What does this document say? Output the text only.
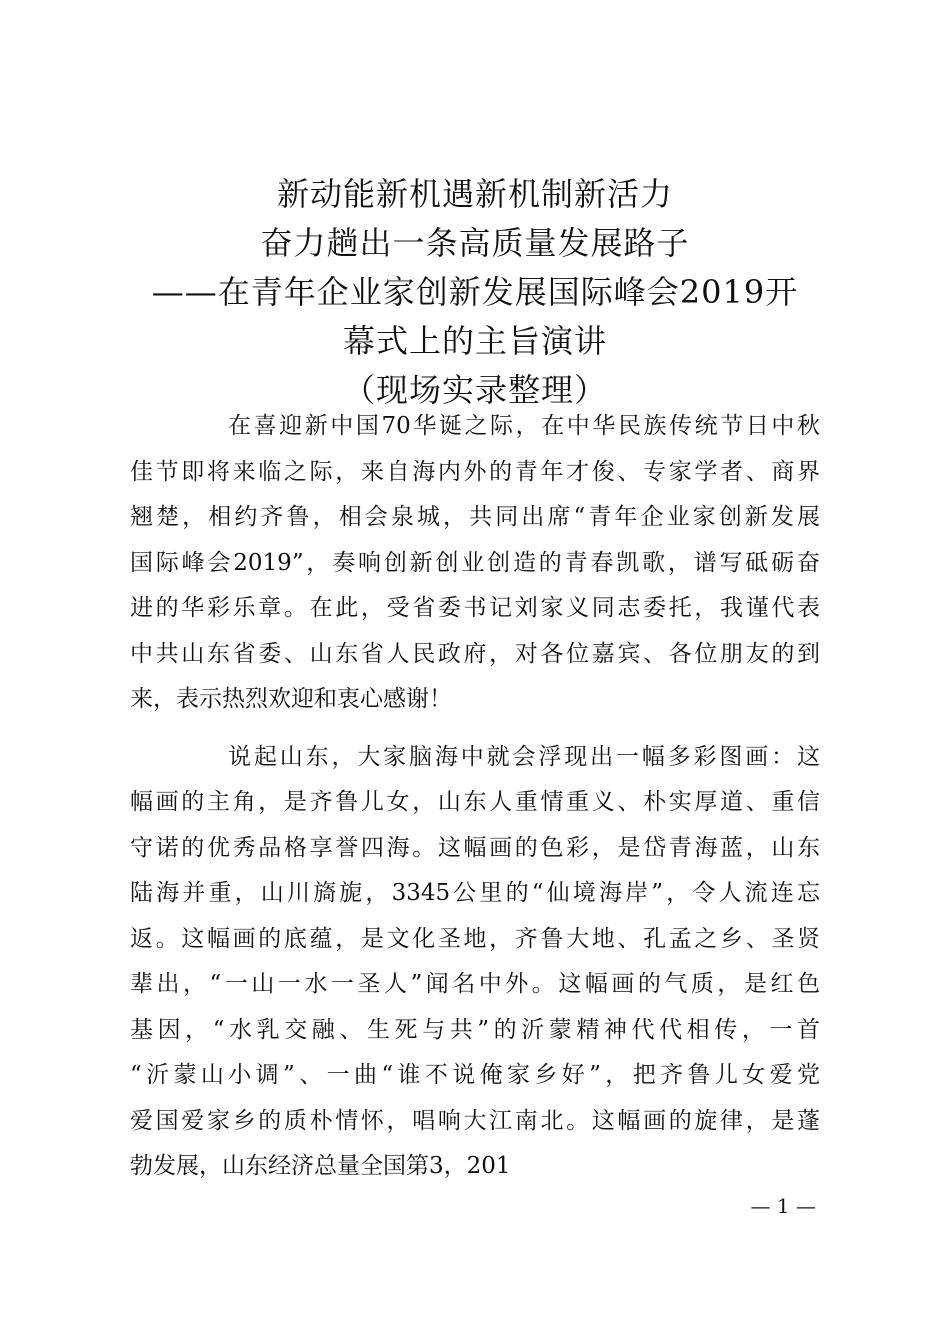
新动能新机遇新机制新活力
奋力趟出一条高质量发展路子
——在青年企业家创新发展国际峰会2019开
幕式上的主旨演讲
（现场实录整理）
在喜迎新中国70华诞之际，在中华民族传统节日中秋
佳节即将来临之际，来自海内外的青年才俊、专家学者、商界
翘楚，相约齐鲁，相会泉城，共同出席“青年企业家创新发展
国际峰会2019”，奏响创新创业创造的青春凯歌，谱写砥砺奋
进的华彩乐章。在此，受省委书记刘家义同志委托，我谨代表
中共山东省委、山东省人民政府，对各位嘉宾、各位朋友的到
来，表示热烈欢迎和衷心感谢！
说起山东，大家脑海中就会浮现出一幅多彩图画：这
幅画的主角，是齐鲁儿女，山东人重情重义、朴实厚道、重信
守诺的优秀品格享誉四海。这幅画的色彩，是岱青海蓝，山东
陆海并重，山川旖旎，3345公里的“仙境海岸”，令人流连忘
返。这幅画的底蕴，是文化圣地，齐鲁大地、孔孟之乡、圣贤
辈出，“一山一水一圣人”闻名中外。这幅画的气质，是红色
基因，“水乳交融、生死与共”的沂蒙精神代代相传，一首
“沂蒙山小调”、一曲“谁不说俺家乡好”，把齐鲁儿女爱党
爱国爱家乡的质朴情怀，唱响大江南北。这幅画的旋律，是蓬
勃发展，山东经济总量全国第3，201
— 1 —
